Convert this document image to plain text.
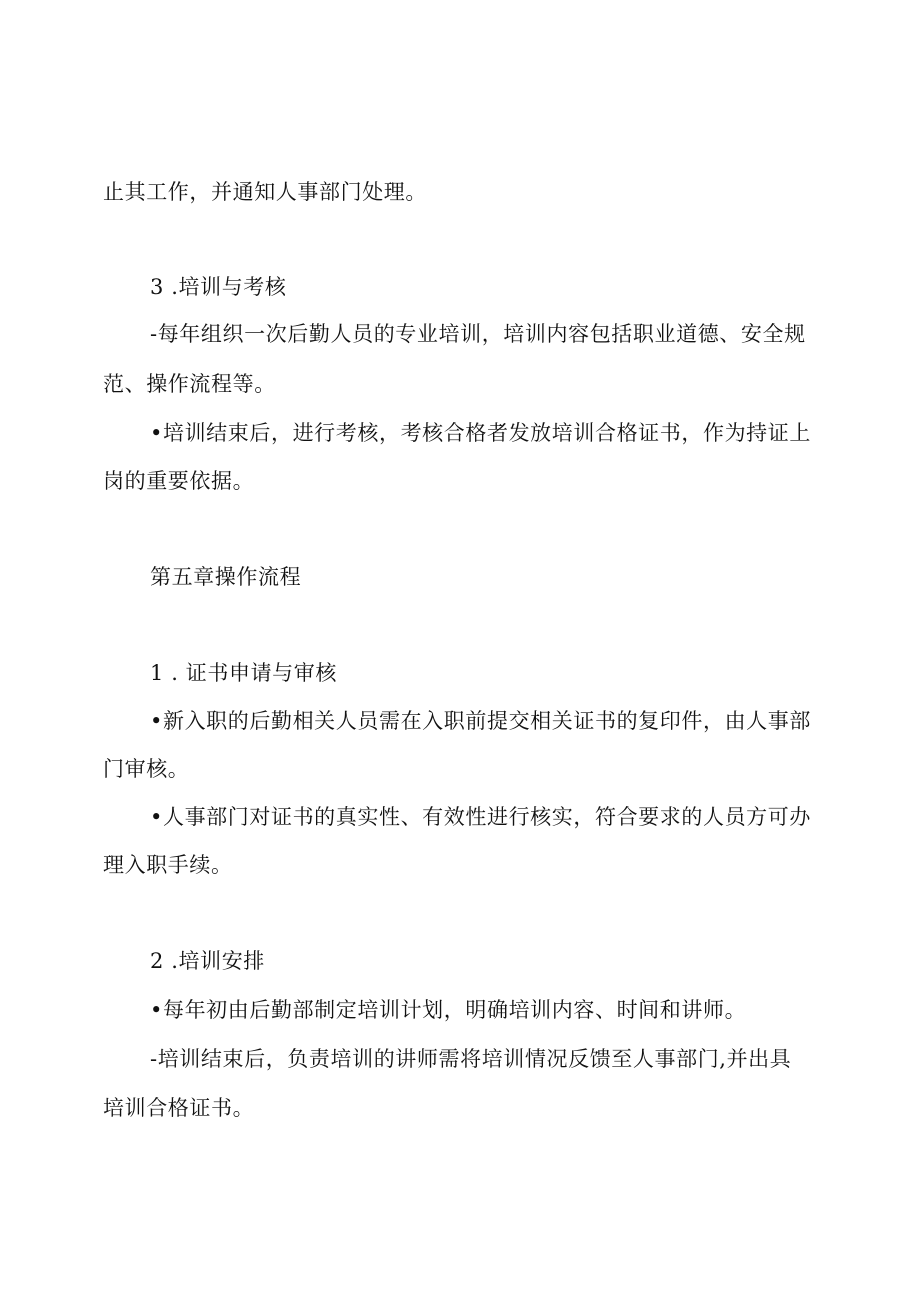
止其工作，并通知人事部门处理。
3 .培训与考核
-每年组织一次后勤人员的专业培训，培训内容包括职业道德、安全规
范、操作流程等。
•培训结束后，进行考核，考核合格者发放培训合格证书，作为持证上
岗的重要依据。
第五章操作流程
1 . 证书申请与审核
•新入职的后勤相关人员需在入职前提交相关证书的复印件，由人事部
门审核。
•人事部门对证书的真实性、有效性进行核实，符合要求的人员方可办
理入职手续。
2 .培训安排
•每年初由后勤部制定培训计划，明确培训内容、时间和讲师。
-培训结束后，负责培训的讲师需将培训情况反馈至人事部门,并出具
培训合格证书。
